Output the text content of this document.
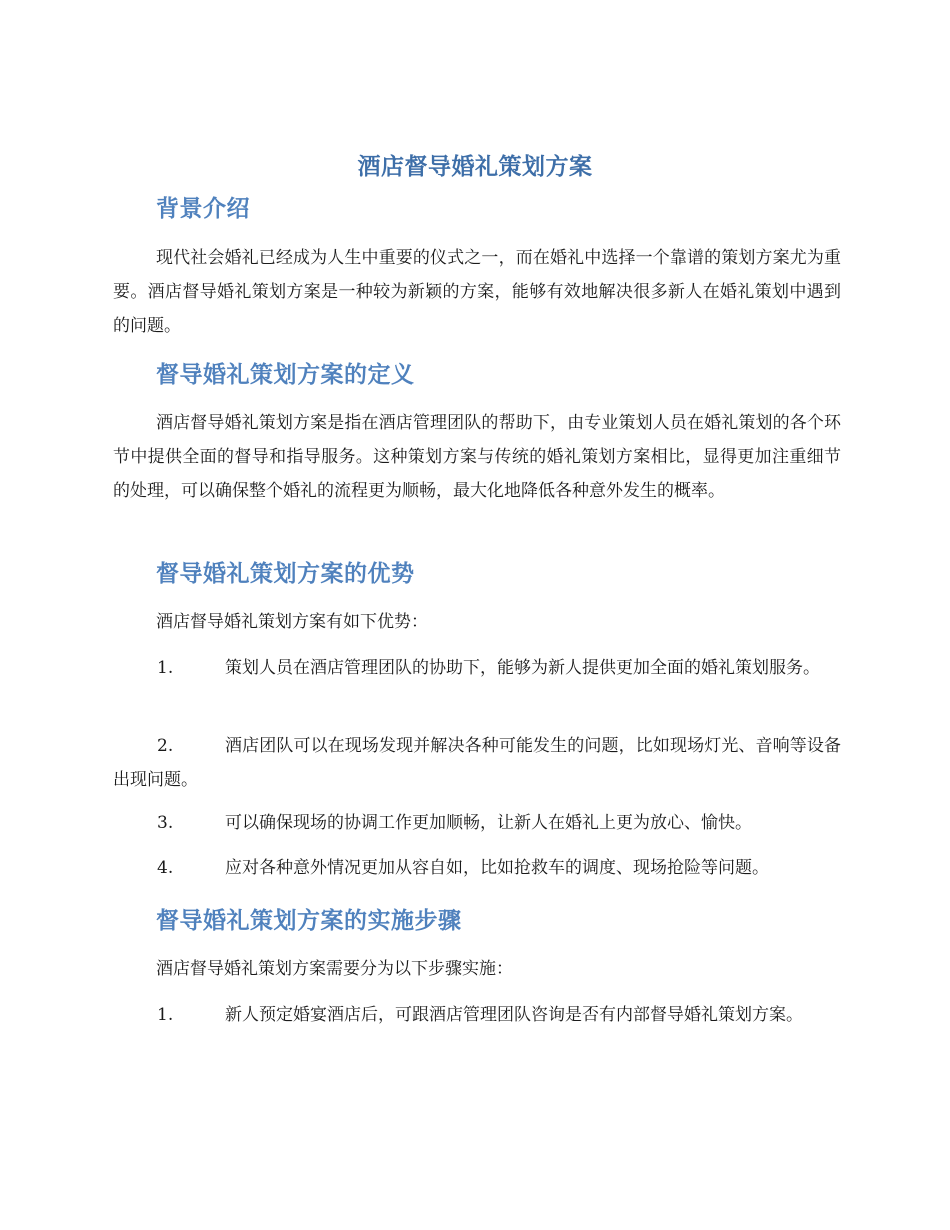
酒店督导婚礼策划方案
背景介绍
现代社会婚礼已经成为人生中重要的仪式之一，而在婚礼中选择一个靠谱的策划方案尤为重要。酒店督导婚礼策划方案是一种较为新颖的方案，能够有效地解决很多新人在婚礼策划中遇到的问题。
督导婚礼策划方案的定义
酒店督导婚礼策划方案是指在酒店管理团队的帮助下，由专业策划人员在婚礼策划的各个环节中提供全面的督导和指导服务。这种策划方案与传统的婚礼策划方案相比，显得更加注重细节的处理，可以确保整个婚礼的流程更为顺畅，最大化地降低各种意外发生的概率。
督导婚礼策划方案的优势
酒店督导婚礼策划方案有如下优势：
1.	策划人员在酒店管理团队的协助下，能够为新人提供更加全面的婚礼策划服务。
2.	酒店团队可以在现场发现并解决各种可能发生的问题，比如现场灯光、音响等设备出现问题。
3.	可以确保现场的协调工作更加顺畅，让新人在婚礼上更为放心、愉快。
4.	应对各种意外情况更加从容自如，比如抢救车的调度、现场抢险等问题。
督导婚礼策划方案的实施步骤
酒店督导婚礼策划方案需要分为以下步骤实施：
1.	新人预定婚宴酒店后，可跟酒店管理团队咨询是否有内部督导婚礼策划方案。
